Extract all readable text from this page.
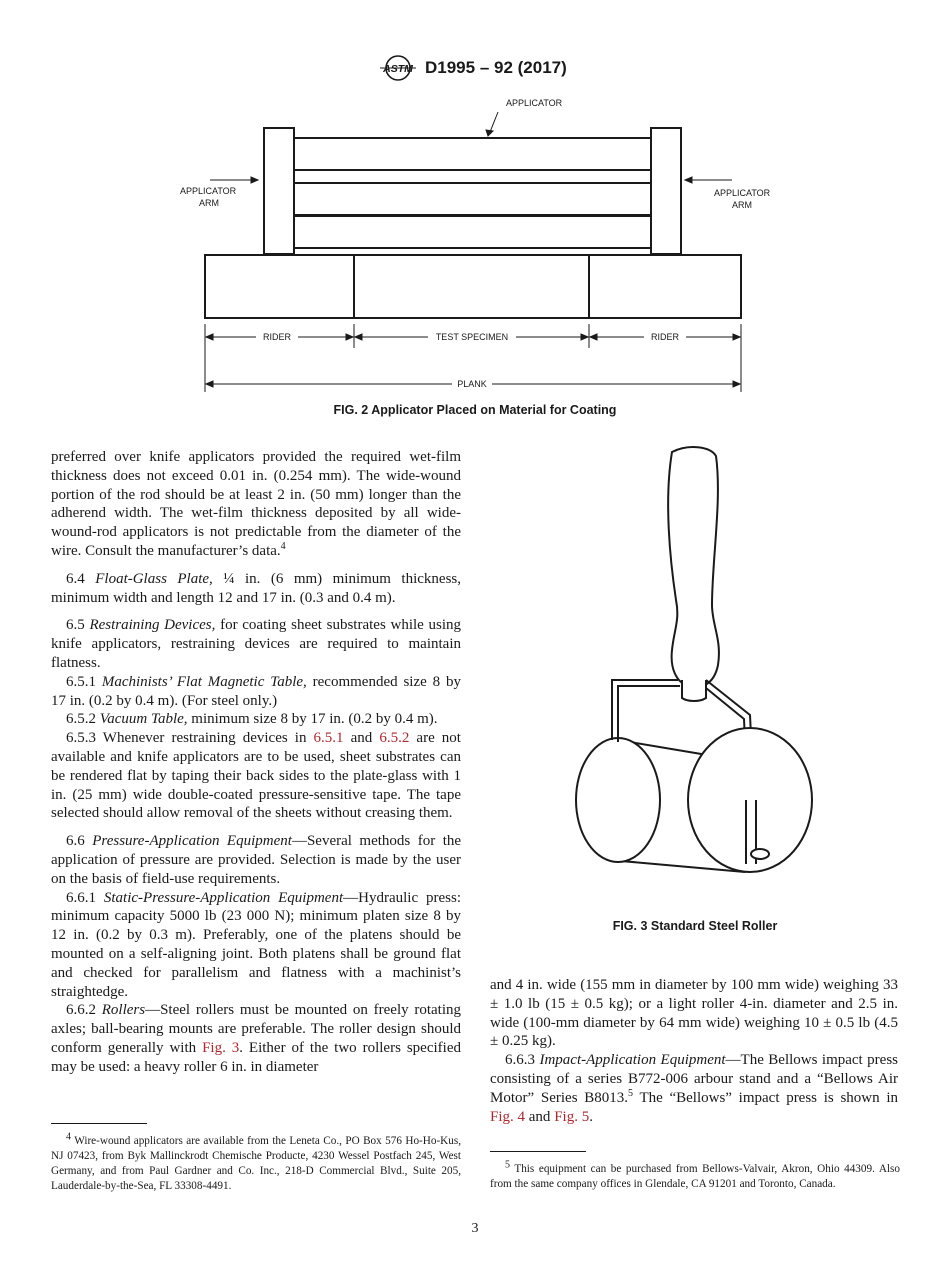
ASTM D1995 – 92 (2017)
APPLICATOR
APPLICATOR
ARM
APPLICATOR
ARM
RIDER	TEST SPECIMEN	RIDER
PLANK
FIG. 2 Applicator Placed on Material for Coating
FIG. 3 Standard Steel Roller

preferred over knife applicators provided the required wet-film thickness does not exceed 0.01 in. (0.254 mm). The wide-wound portion of the rod should be at least 2 in. (50 mm) longer than the adherend width. The wet-film thickness deposited by all wide-wound-rod applicators is not predictable from the diameter of the wire. Consult the manufacturer’s data.$^4$

6.4 Float-Glass Plate, ¼ in. (6 mm) minimum thickness, minimum width and length 12 and 17 in. (0.3 and 0.4 m).

6.5 Restraining Devices, for coating sheet substrates while using knife applicators, restraining devices are required to maintain flatness.

6.5.1 Machinists’ Flat Magnetic Table, recommended size 8 by 17 in. (0.2 by 0.4 m). (For steel only.)

6.5.2 Vacuum Table, minimum size 8 by 17 in. (0.2 by 0.4 m).

6.5.3 Whenever restraining devices in 6.5.1 and 6.5.2 are not available and knife applicators are to be used, sheet substrates can be rendered flat by taping their back sides to the plate-glass with 1 in. (25 mm) wide double-coated pressure-sensitive tape. The tape selected should allow removal of the sheets without creasing them.

6.6 Pressure-Application Equipment—Several methods for the application of pressure are provided. Selection is made by the user on the basis of field-use requirements.

6.6.1 Static-Pressure-Application Equipment—Hydraulic press: minimum capacity 5000 lb (23 000 N); minimum platen size 8 by 12 in. (0.2 by 0.3 m). Preferably, one of the platens should be mounted on a self-aligning joint. Both platens shall be ground flat and checked for parallelism and flatness with a machinist’s straightedge.

6.6.2 Rollers—Steel rollers must be mounted on freely rotating axles; ball-bearing mounts are preferable. The roller design should conform generally with Fig. 3. Either of the two rollers specified may be used: a heavy roller 6 in. in diameter

and 4 in. wide (155 mm in diameter by 100 mm wide) weighing 33 ± 1.0 lb (15 ± 0.5 kg); or a light roller 4-in. diameter and 2.5 in. wide (100-mm diameter by 64 mm wide) weighing 10 ± 0.5 lb (4.5 ± 0.25 kg).

6.6.3 Impact-Application Equipment—The Bellows impact press consisting of a series B772-006 arbour stand and a “Bellows Air Motor” Series B8013.$^5$ The “Bellows” impact press is shown in Fig. 4 and Fig. 5.

$^4$ Wire-wound applicators are available from the Leneta Co., PO Box 576 Ho-Ho-Kus, NJ 07423, from Byk Mallinckrodt Chemische Producte, 4230 Wessel Postfach 245, West Germany, and from Paul Gardner and Co. Inc., 218-D Commercial Blvd., Suite 205, Lauderdale-by-the-Sea, FL 33308-4491.

$^5$ This equipment can be purchased from Bellows-Valvair, Akron, Ohio 44309. Also from the same company offices in Glendale, CA 91201 and Toronto, Canada.

3
